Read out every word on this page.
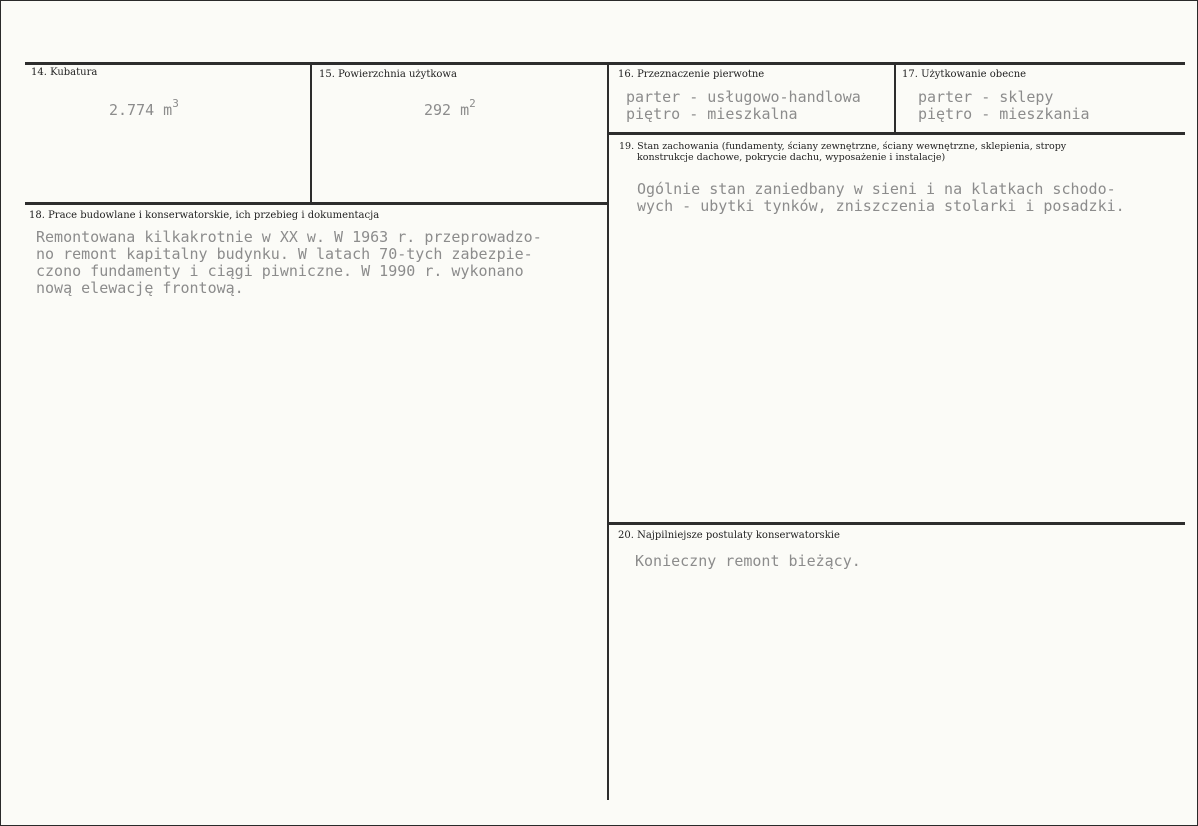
14. Kubatura
2.774 $m^3$
15. Powierzchnia użytkowa
292 $m^2$
16. Przeznaczenie pierwotne
parter - usługowo-handlowa
piętro - mieszkalna
17. Użytkowanie obecne
parter - sklepy
piętro - mieszkania
18. Prace budowlane i konserwatorskie, ich przebieg i dokumentacja
Remontowana kilkakrotnie w XX w. W 1963 r. przeprowadzo-
no remont kapitalny budynku. W latach 70-tych zabezpie-
czono fundamenty i ciągi piwniczne. W 1990 r. wykonano
nową elewację frontową.
19. Stan zachowania (fundamenty, ściany zewnętrzne, ściany wewnętrzne, sklepienia, stropy
konstrukcje dachowe, pokrycie dachu, wyposażenie i instalacje)
Ogólnie stan zaniedbany w sieni i na klatkach schodo-
wych - ubytki tynków, zniszczenia stolarki i posadzki.
20. Najpilniejsze postulaty konserwatorskie
Konieczny remont bieżący.
